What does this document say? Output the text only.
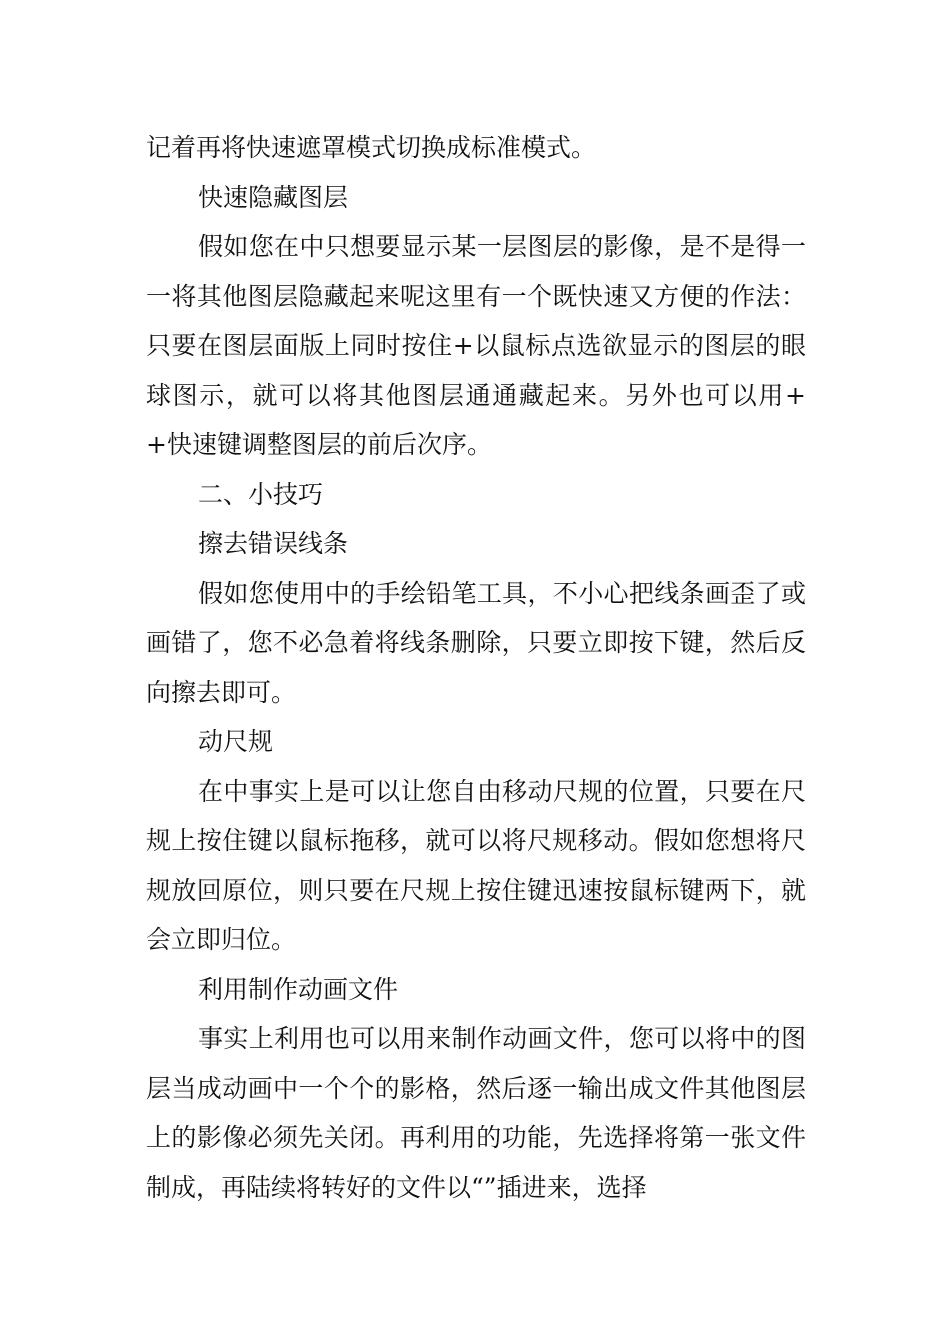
记着再将快速遮罩模式切换成标准模式。

快速隐藏图层

假如您在中只想要显示某一层图层的影像，是不是得一一将其他图层隐藏起来呢这里有一个既快速又方便的作法：只要在图层面版上同时按住+以鼠标点选欲显示的图层的眼球图示，就可以将其他图层通通藏起来。另外也可以用++快速键调整图层的前后次序。

二、小技巧

擦去错误线条

假如您使用中的手绘铅笔工具，不小心把线条画歪了或画错了，您不必急着将线条删除，只要立即按下键，然后反向擦去即可。

动尺规

在中事实上是可以让您自由移动尺规的位置，只要在尺规上按住键以鼠标拖移，就可以将尺规移动。假如您想将尺规放回原位，则只要在尺规上按住键迅速按鼠标键两下，就会立即归位。

利用制作动画文件

事实上利用也可以用来制作动画文件，您可以将中的图层当成动画中一个个的影格，然后逐一输出成文件其他图层上的影像必须先关闭。再利用的功能，先选择将第一张文件制成，再陆续将转好的文件以“”插进来，选择
